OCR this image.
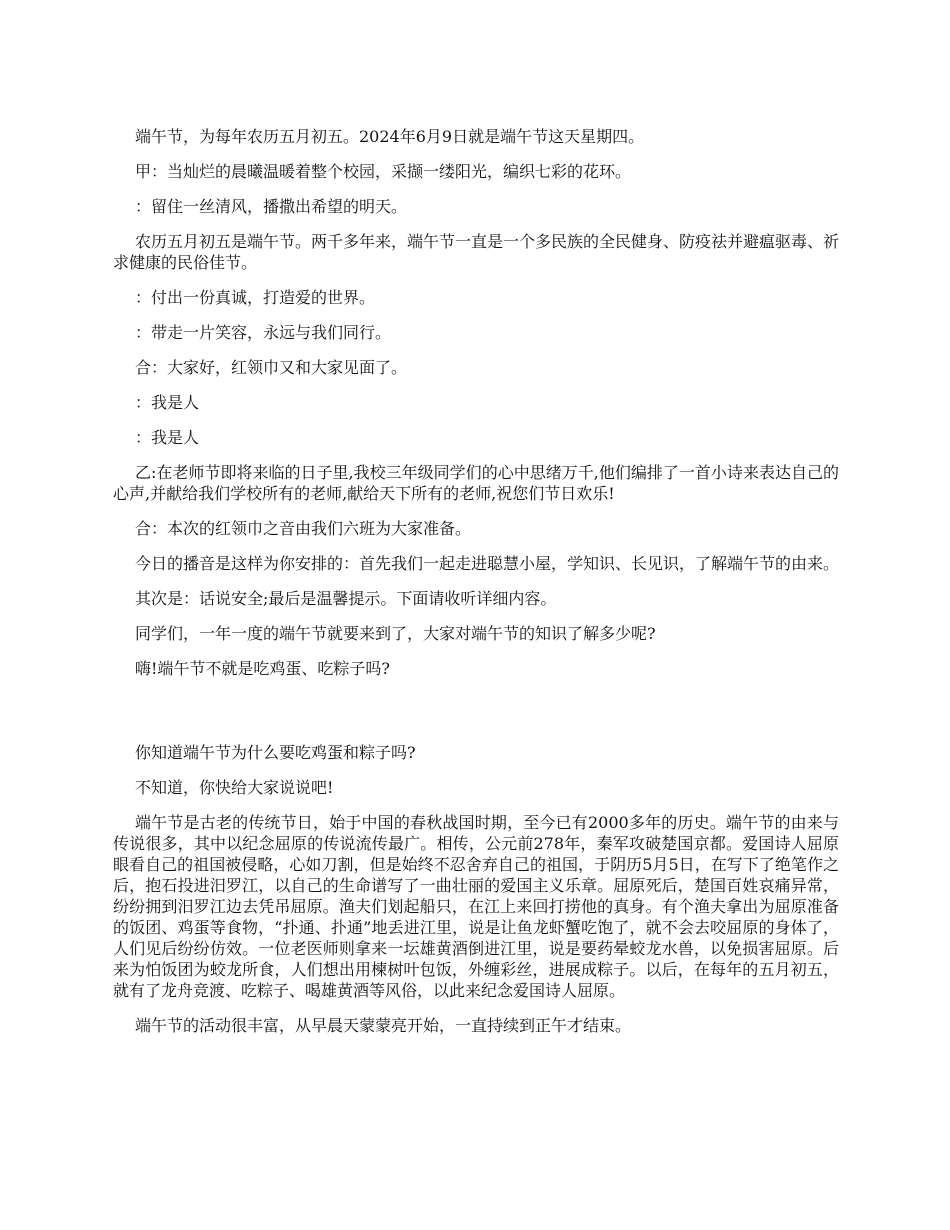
端午节，为每年农历五月初五。2024年6月9日就是端午节这天星期四。

甲：当灿烂的晨曦温暖着整个校园，采撷一缕阳光，编织七彩的花环。

：留住一丝清风，播撒出希望的明天。

农历五月初五是端午节。两千多年来，端午节一直是一个多民族的全民健身、防疫祛并避瘟驱毒、祈求健康的民俗佳节。

：付出一份真诚，打造爱的世界。

：带走一片笑容，永远与我们同行。

合：大家好，红领巾又和大家见面了。

：我是人

：我是人

乙:在老师节即将来临的日子里,我校三年级同学们的心中思绪万千,他们编排了一首小诗来表达自己的心声,并献给我们学校所有的老师,献给天下所有的老师,祝您们节日欢乐!

合：本次的红领巾之音由我们六班为大家准备。

今日的播音是这样为你安排的：首先我们一起走进聪慧小屋，学知识、长见识，了解端午节的由来。

其次是：话说安全;最后是温馨提示。下面请收听详细内容。

同学们，一年一度的端午节就要来到了，大家对端午节的知识了解多少呢?

嗨!端午节不就是吃鸡蛋、吃粽子吗?

你知道端午节为什么要吃鸡蛋和粽子吗?

不知道，你快给大家说说吧!

端午节是古老的传统节日，始于中国的春秋战国时期，至今已有2000多年的历史。端午节的由来与传说很多，其中以纪念屈原的传说流传最广。相传，公元前278年，秦军攻破楚国京都。爱国诗人屈原眼看自己的祖国被侵略，心如刀割，但是始终不忍舍弃自己的祖国，于阴历5月5日，在写下了绝笔作之后，抱石投进汨罗江，以自己的生命谱写了一曲壮丽的爱国主义乐章。屈原死后，楚国百姓哀痛异常，纷纷拥到汨罗江边去凭吊屈原。渔夫们划起船只，在江上来回打捞他的真身。有个渔夫拿出为屈原准备的饭团、鸡蛋等食物，“扑通、扑通”地丢进江里，说是让鱼龙虾蟹吃饱了，就不会去咬屈原的身体了，人们见后纷纷仿效。一位老医师则拿来一坛雄黄酒倒进江里，说是要药晕蛟龙水兽，以免损害屈原。后来为怕饭团为蛟龙所食，人们想出用楝树叶包饭，外缠彩丝，进展成粽子。以后，在每年的五月初五，就有了龙舟竞渡、吃粽子、喝雄黄酒等风俗，以此来纪念爱国诗人屈原。

端午节的活动很丰富，从早晨天蒙蒙亮开始，一直持续到正午才结束。
